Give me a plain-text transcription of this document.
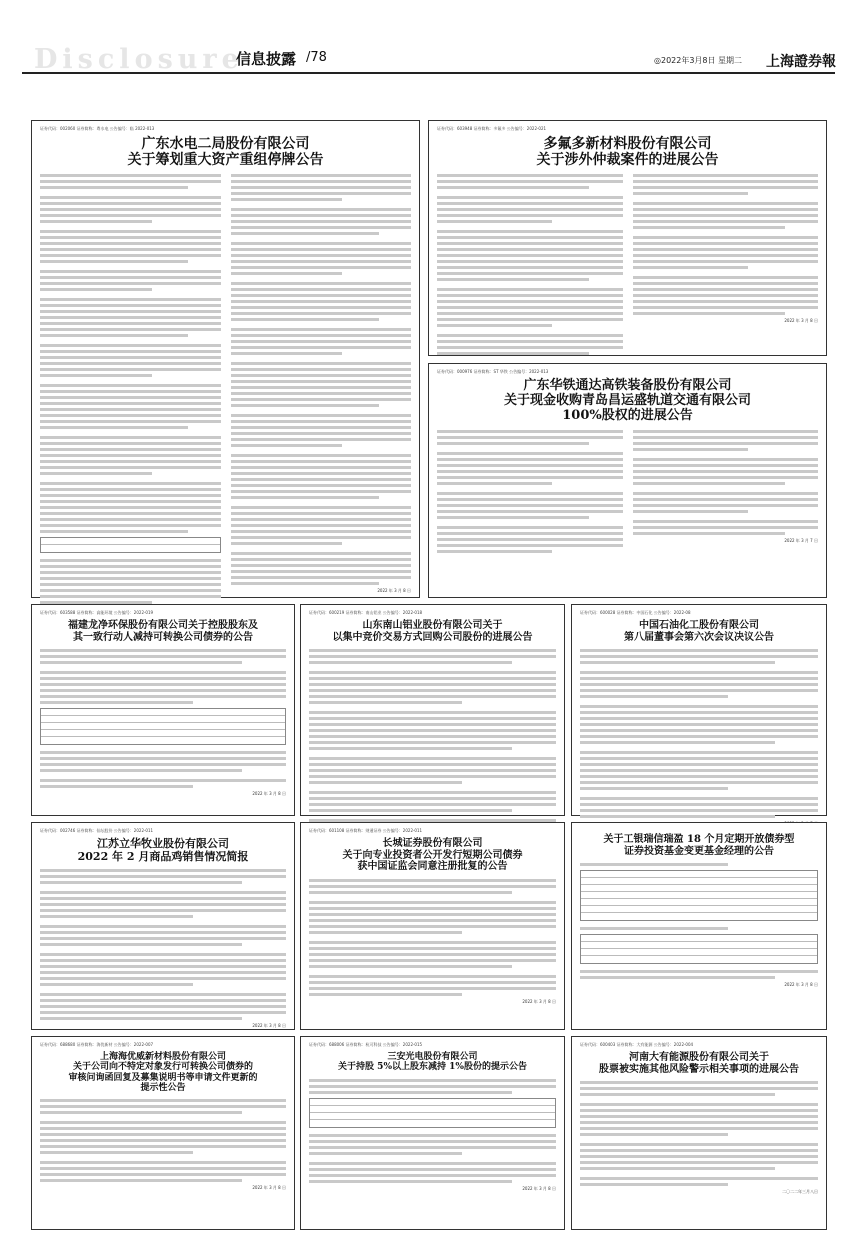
Disclosure
信息披露 /78	◎2022年3月8日 星期二 上海證券報
证券代码：002060 证券简称：粤水电 公告编号：临 2022-013
广东水电二局股份有限公司
关于筹划重大资产重组停牌公告
2022 年 3 月 8 日
证券代码：603948 证券简称：多氟多 公告编号：2022-021
多氟多新材料股份有限公司
关于涉外仲裁案件的进展公告
2022 年 3 月 8 日
证券代码：000976 证券简称：ST 华铁 公告编号：2022-013
广东华铁通达高铁装备股份有限公司
关于现金收购青岛昌运盛轨道交通有限公司
100%股权的进展公告
2022 年 3 月 7 日
证券代码：603588 证券简称：高能环境 公告编号：2022-019
福建龙净环保股份有限公司关于控股股东及
其一致行动人减持可转换公司债券的公告
2022 年 3 月 8 日
证券代码：600219 证券简称：南山铝业 公告编号：2022-018
山东南山铝业股份有限公司关于
以集中竞价交易方式回购公司股份的进展公告
证券代码：600028 证券简称：中国石化 公告编号：2022-08
中国石油化工股份有限公司
第八届董事会第六次会议决议公告
证券代码：002746 证券简称：仙坛股份 公告编号：2022-011
江苏立华牧业股份有限公司
2022 年 2 月商品鸡销售情况简报
2022 年 3 月 8 日
证券代码：601108 证券简称：财通证券 公告编号：2022-011
长城证券股份有限公司
关于向专业投资者公开发行短期公司债券
获中国证监会同意注册批复的公告
2022 年 3 月 8 日
关于工银瑞信瑞盈 18 个月定期开放债券型
证券投资基金变更基金经理的公告
2022 年 3 月 8 日
证券代码：688680 证券简称：海优新材 公告编号：2022-007
上海海优威新材料股份有限公司
关于公司向不特定对象发行可转换公司债券的
审核问询函回复及募集说明书等申请文件更新的
提示性公告
2022 年 3 月 8 日
证券代码：688006 证券简称：杭可科技 公告编号：2022-015
三安光电股份有限公司
关于持股 5%以上股东减持 1%股份的提示公告
2022 年 3 月 8 日
证券代码：600403 证券简称：大有能源 公告编号：2022-004
河南大有能源股份有限公司关于
股票被实施其他风险警示相关事项的进展公告
二〇二二年三月八日
